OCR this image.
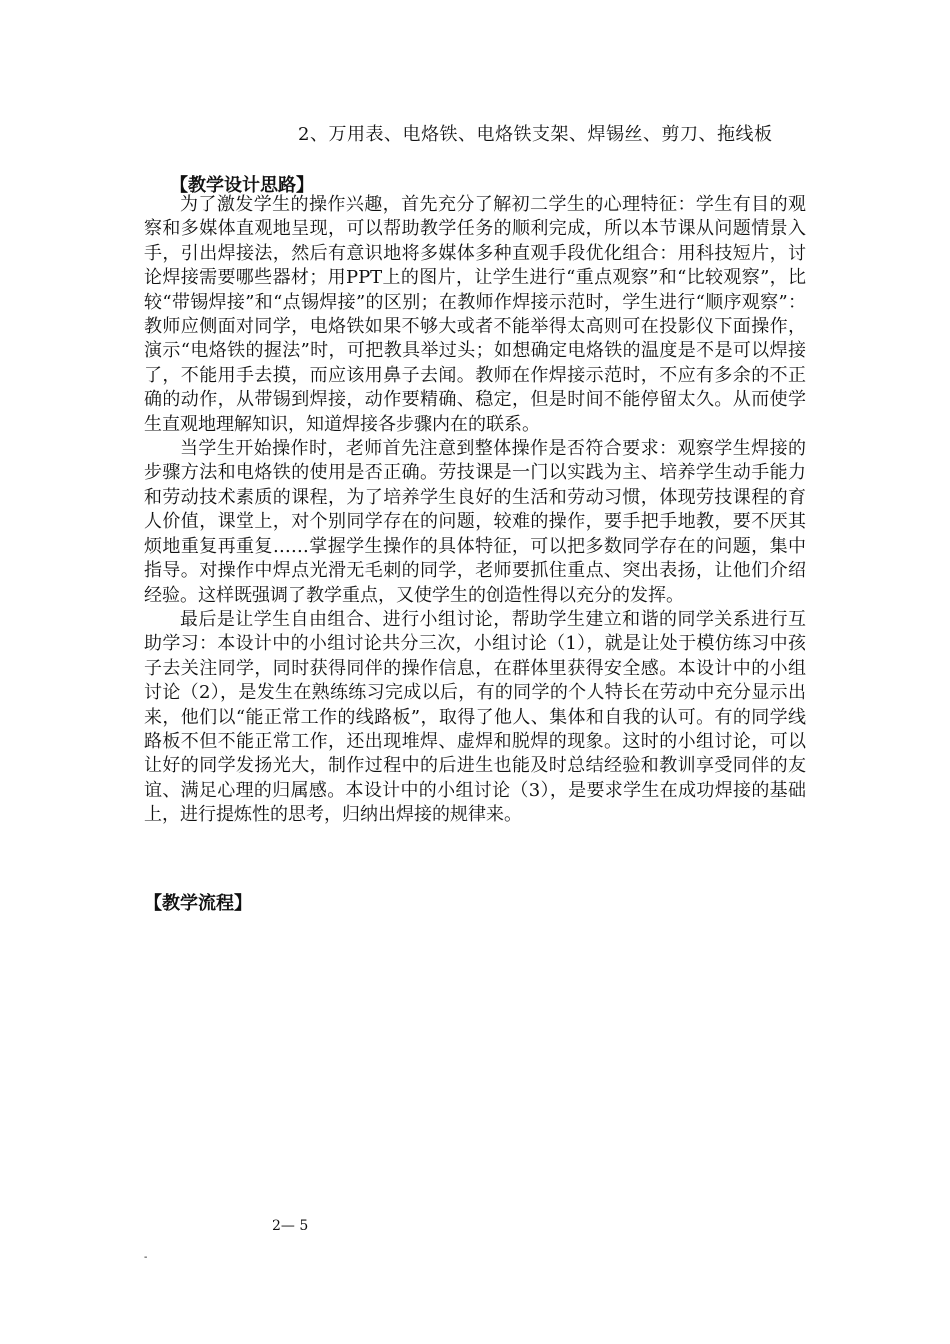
2、万用表、电烙铁、电烙铁支架、焊锡丝、剪刀、拖线板
【教学设计思路】

为了激发学生的操作兴趣，首先充分了解初二学生的心理特征：学生有目的观察和多媒体直观地呈现，可以帮助教学任务的顺利完成，所以本节课从问题情景入手，引出焊接法，然后有意识地将多媒体多种直观手段优化组合：用科技短片，讨论焊接需要哪些器材；用PPT上的图片，让学生进行“重点观察”和“比较观察”，比较“带锡焊接”和“点锡焊接”的区别；在教师作焊接示范时，学生进行“顺序观察”：教师应侧面对同学，电烙铁如果不够大或者不能举得太高则可在投影仪下面操作，演示“电烙铁的握法”时，可把教具举过头；如想确定电烙铁的温度是不是可以焊接了，不能用手去摸，而应该用鼻子去闻。教师在作焊接示范时，不应有多余的不正确的动作，从带锡到焊接，动作要精确、稳定，但是时间不能停留太久。从而使学生直观地理解知识，知道焊接各步骤内在的联系。

当学生开始操作时，老师首先注意到整体操作是否符合要求：观察学生焊接的步骤方法和电烙铁的使用是否正确。劳技课是一门以实践为主、培养学生动手能力和劳动技术素质的课程，为了培养学生良好的生活和劳动习惯，体现劳技课程的育人价值，课堂上，对个别同学存在的问题，较难的操作，要手把手地教，要不厌其烦地重复再重复……掌握学生操作的具体特征，可以把多数同学存在的问题，集中指导。对操作中焊点光滑无毛刺的同学，老师要抓住重点、突出表扬，让他们介绍经验。这样既强调了教学重点，又使学生的创造性得以充分的发挥。

最后是让学生自由组合、进行小组讨论，帮助学生建立和谐的同学关系进行互助学习：本设计中的小组讨论共分三次，小组讨论（1），就是让处于模仿练习中孩子去关注同学，同时获得同伴的操作信息，在群体里获得安全感。本设计中的小组讨论（2），是发生在熟练练习完成以后，有的同学的个人特长在劳动中充分显示出来，他们以“能正常工作的线路板”，取得了他人、集体和自我的认可。有的同学线路板不但不能正常工作，还出现堆焊、虚焊和脱焊的现象。这时的小组讨论，可以让好的同学发扬光大，制作过程中的后进生也能及时总结经验和教训享受同伴的友谊、满足心理的归属感。本设计中的小组讨论（3），是要求学生在成功焊接的基础上，进行提炼性的思考，归纳出焊接的规律来。

【教学流程】
2— 5
-
